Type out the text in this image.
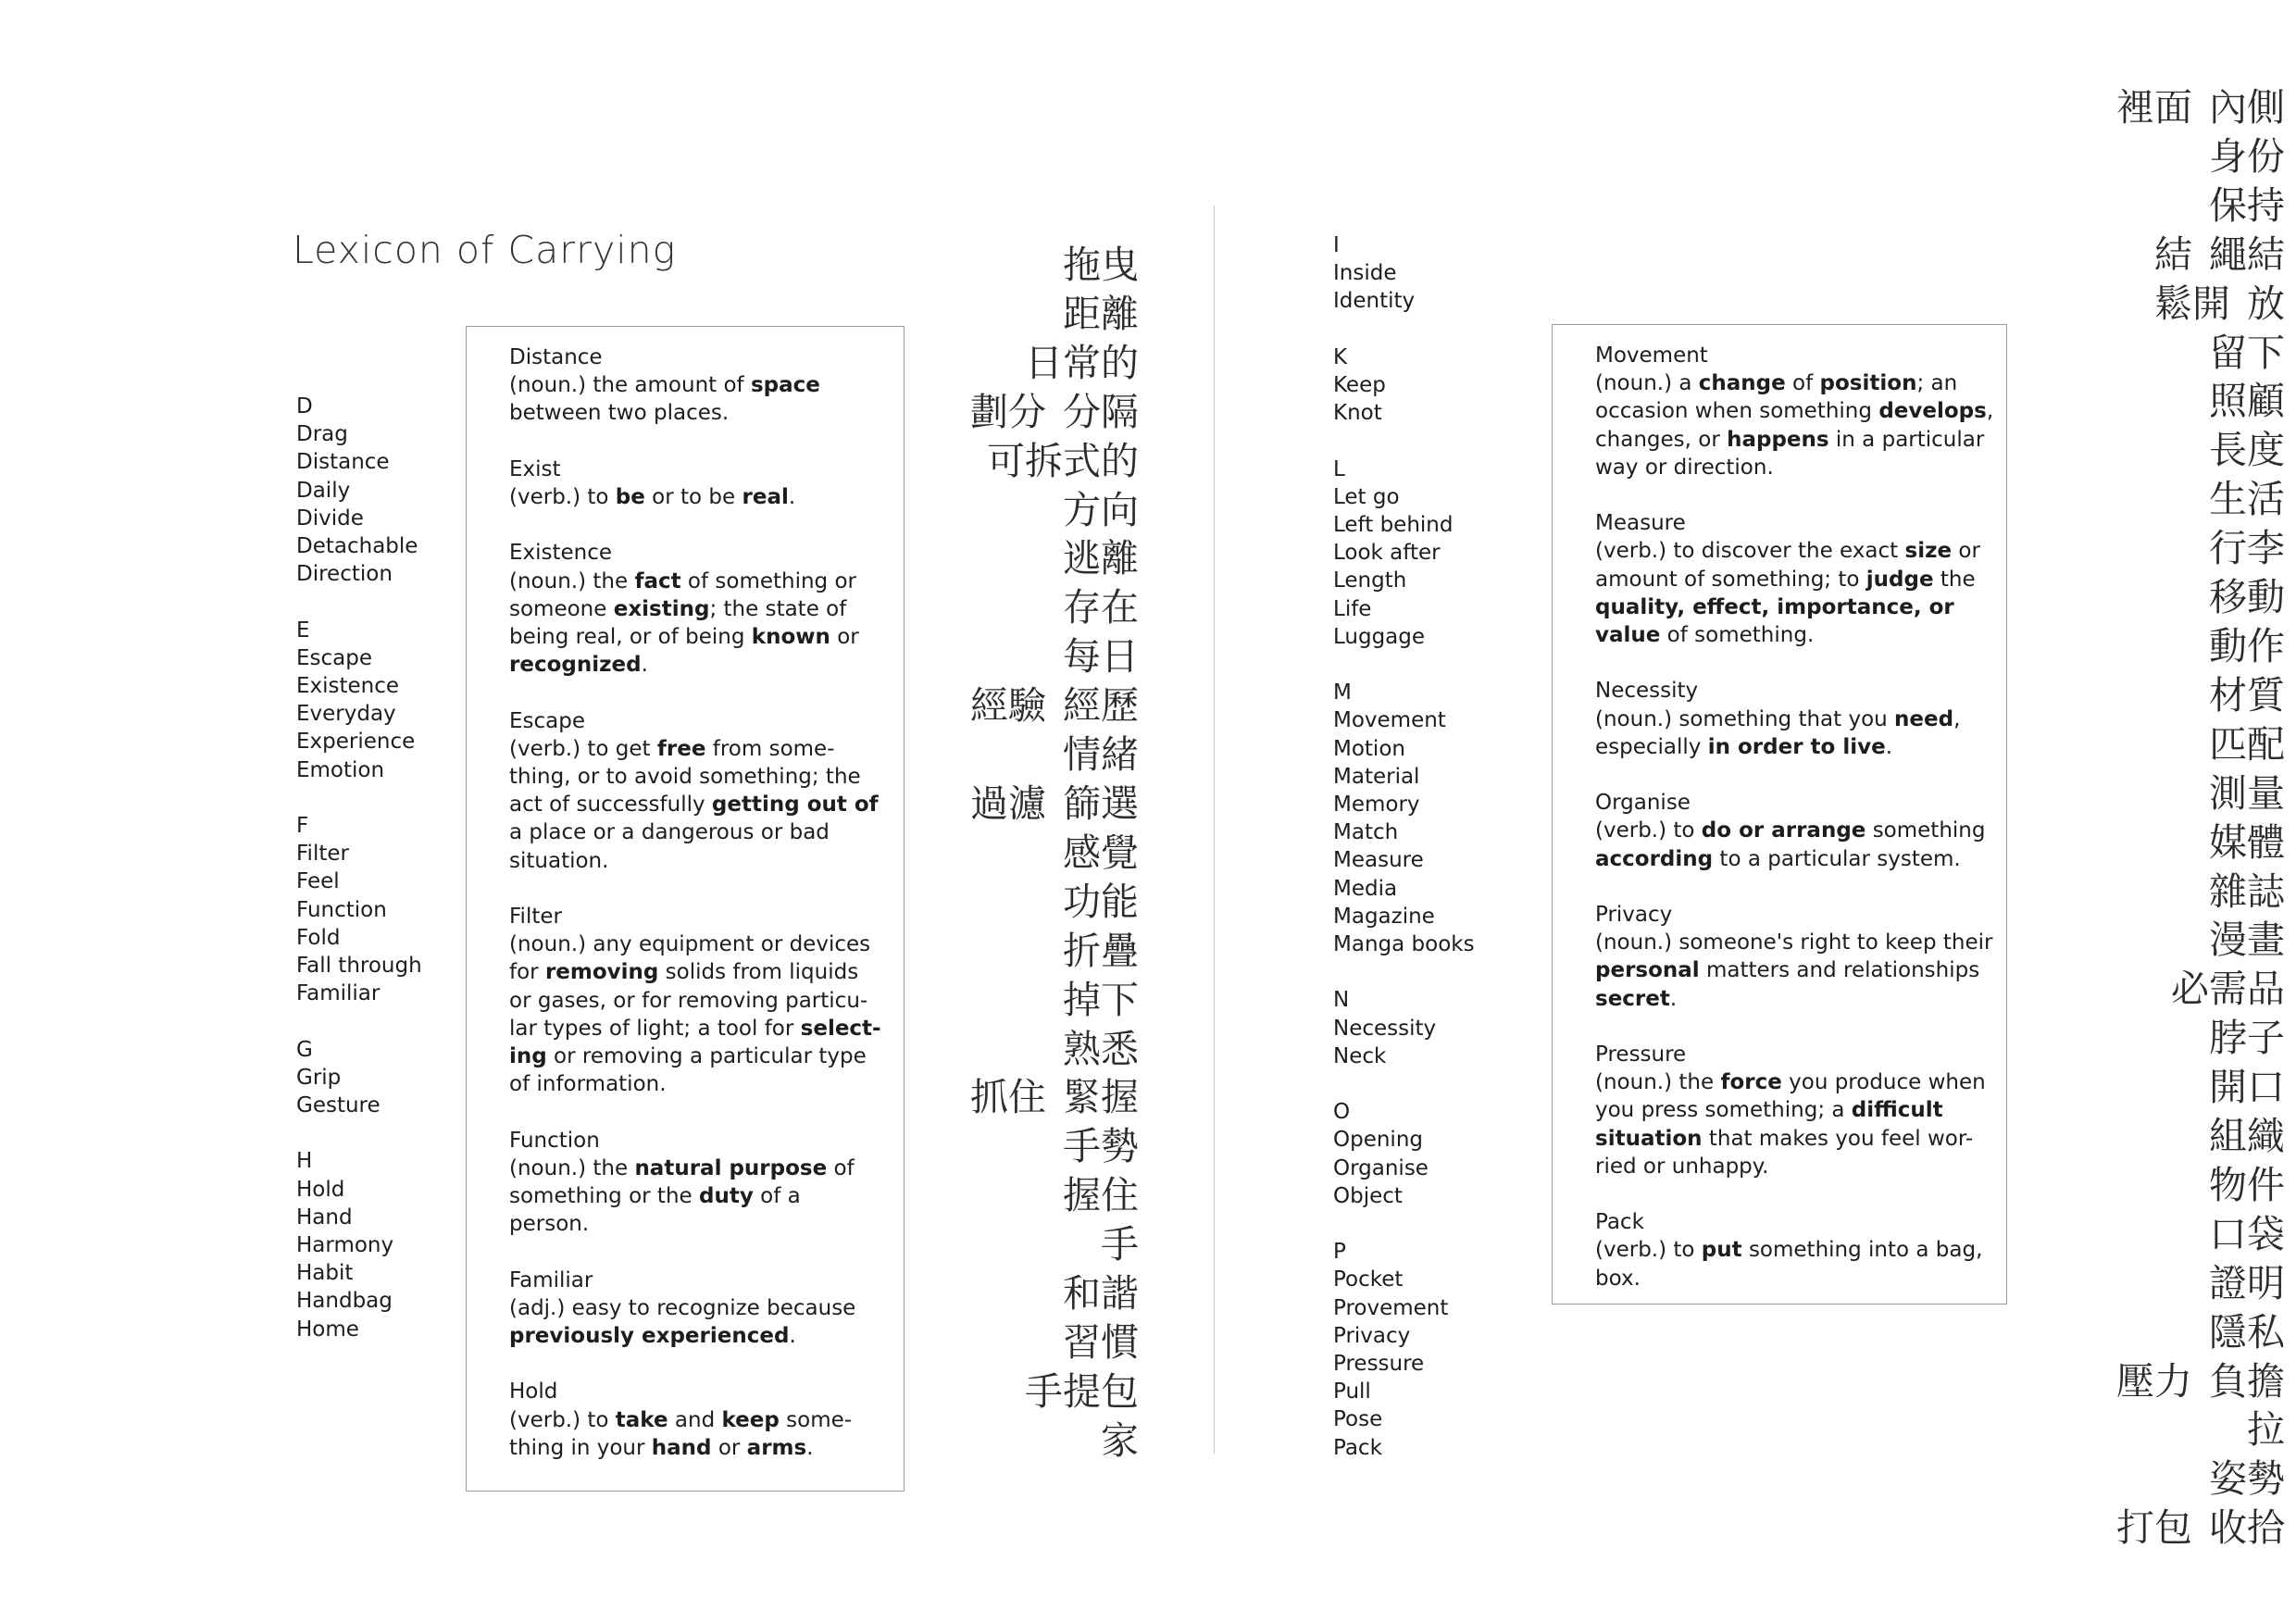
Lexicon of Carrying
D
Drag
Distance
Daily
Divide
Detachable
Direction
E
Escape
Existence
Everyday
Experience
Emotion
F
Filter
Feel
Function
Fold
Fall through
Familiar
G
Grip
Gesture
H
Hold
Hand
Harmony
Habit
Handbag
Home
Distance
(noun.) the amount of space
between two places.
Exist
(verb.) to be or to be real.
Existence
(noun.) the fact of something or
someone existing; the state of
being real, or of being known or
recognized.
Escape
(verb.) to get free from some-
thing, or to avoid something; the
act of successfully getting out of
a place or a dangerous or bad
situation.
Filter
(noun.) any equipment or devices
for removing solids from liquids
or gases, or for removing particu-
lar types of light; a tool for select-
ing or removing a particular type
of information.
Function
(noun.) the natural purpose of
something or the duty of a
person.
Familiar
(adj.) easy to recognize because
previously experienced.
Hold
(verb.) to take and keep some-
thing in your hand or arms.
拖曳
距離
日常的
劃分 分隔
可拆式的
方向
逃離
存在
每日
經驗 經歷
情緒
過濾 篩選
感覺
功能
折疊
掉下
熟悉
抓住 緊握
手勢
握住
手
和諧
習慣
手提包
家
I
Inside
Identity
K
Keep
Knot
L
Let go
Left behind
Look after
Length
Life
Luggage
M
Movement
Motion
Material
Memory
Match
Measure
Media
Magazine
Manga books
N
Necessity
Neck
O
Opening
Organise
Object
P
Pocket
Provement
Privacy
Pressure
Pull
Pose
Pack
Movement
(noun.) a change of position; an
occasion when something develops,
changes, or happens in a particular
way or direction.
Measure
(verb.) to discover the exact size or
amount of something; to judge the
quality, effect, importance, or
value of something.
Necessity
(noun.) something that you need,
especially in order to live.
Organise
(verb.) to do or arrange something
according to a particular system.
Privacy
(noun.) someone's right to keep their
personal matters and relationships
secret.
Pressure
(noun.) the force you produce when
you press something; a difficult
situation that makes you feel wor-
ried or unhappy.
Pack
(verb.) to put something into a bag,
box.
裡面 內側
身份
保持
結 繩結
鬆開 放
留下
照顧
長度
生活
行李
移動
動作
材質
匹配
測量
媒體
雜誌
漫畫
必需品
脖子
開口
組織
物件
口袋
證明
隱私
壓力 負擔
拉
姿勢
打包 收拾
